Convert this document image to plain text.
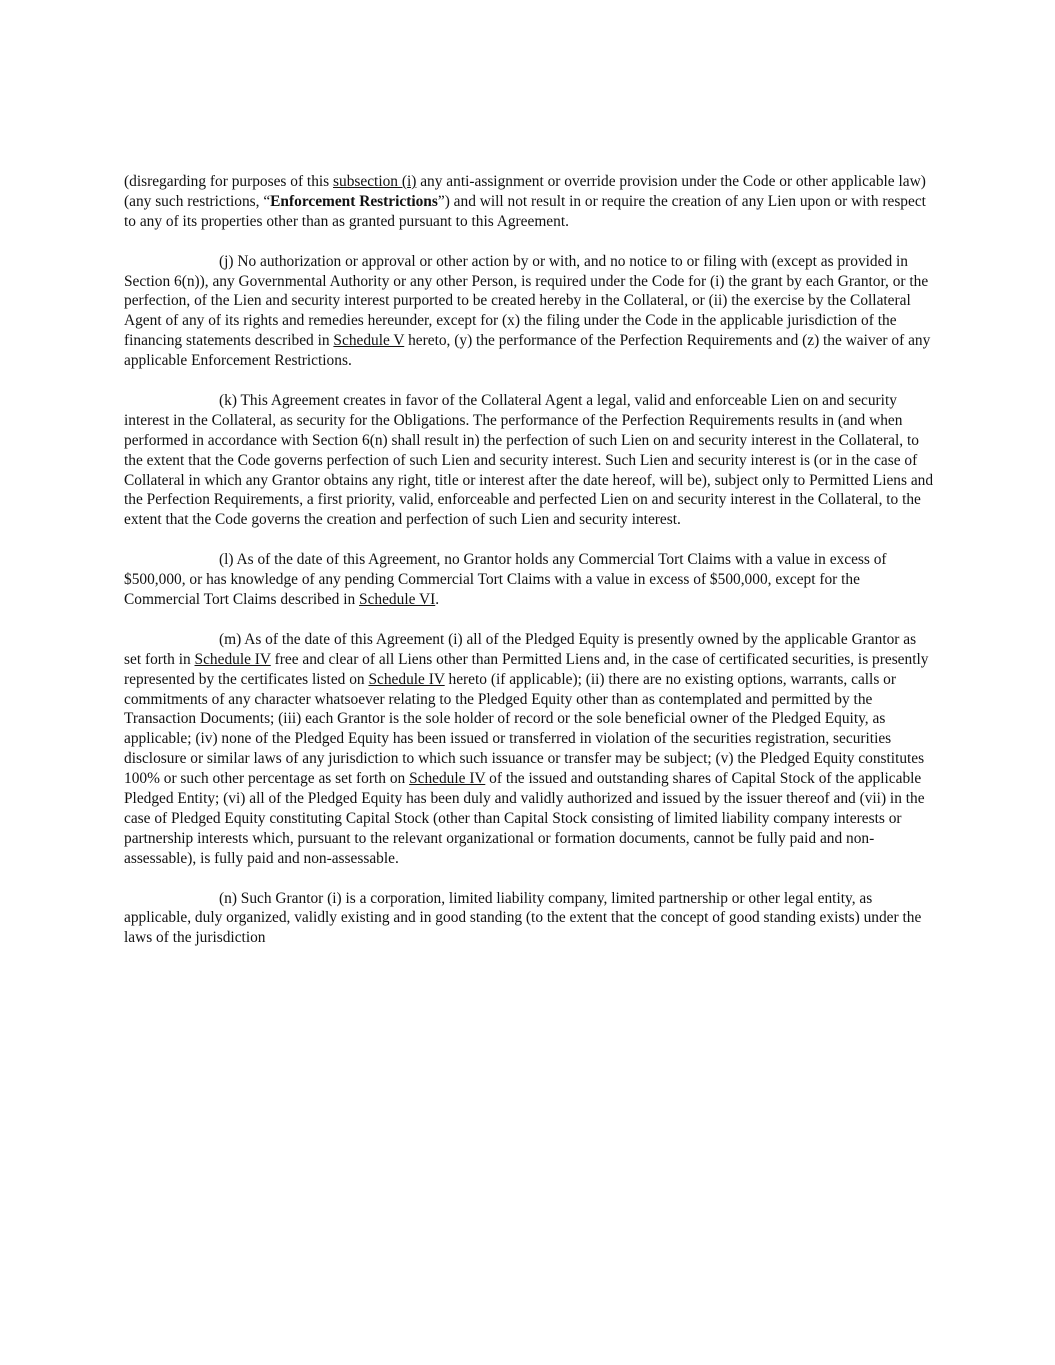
(disregarding for purposes of this subsection (i) any anti-assignment or override provision under the Code or other applicable law) (any such restrictions, “Enforcement Restrictions”) and will not result in or require the creation of any Lien upon or with respect to any of its properties other than as granted pursuant to this Agreement.

(j) No authorization or approval or other action by or with, and no notice to or filing with (except as provided in Section 6(n)), any Governmental Authority or any other Person, is required under the Code for (i) the grant by each Grantor, or the perfection, of the Lien and security interest purported to be created hereby in the Collateral, or (ii) the exercise by the Collateral Agent of any of its rights and remedies hereunder, except for (x) the filing under the Code in the applicable jurisdiction of the financing statements described in Schedule V hereto, (y) the performance of the Perfection Requirements and (z) the waiver of any applicable Enforcement Restrictions.

(k) This Agreement creates in favor of the Collateral Agent a legal, valid and enforceable Lien on and security interest in the Collateral, as security for the Obligations. The performance of the Perfection Requirements results in (and when performed in accordance with Section 6(n) shall result in) the perfection of such Lien on and security interest in the Collateral, to the extent that the Code governs perfection of such Lien and security interest. Such Lien and security interest is (or in the case of Collateral in which any Grantor obtains any right, title or interest after the date hereof, will be), subject only to Permitted Liens and the Perfection Requirements, a first priority, valid, enforceable and perfected Lien on and security interest in the Collateral, to the extent that the Code governs the creation and perfection of such Lien and security interest.

(l) As of the date of this Agreement, no Grantor holds any Commercial Tort Claims with a value in excess of $500,000, or has knowledge of any pending Commercial Tort Claims with a value in excess of $500,000, except for the Commercial Tort Claims described in Schedule VI.

(m) As of the date of this Agreement (i) all of the Pledged Equity is presently owned by the applicable Grantor as set forth in Schedule IV free and clear of all Liens other than Permitted Liens and, in the case of certificated securities, is presently represented by the certificates listed on Schedule IV hereto (if applicable); (ii) there are no existing options, warrants, calls or commitments of any character whatsoever relating to the Pledged Equity other than as contemplated and permitted by the Transaction Documents; (iii) each Grantor is the sole holder of record or the sole beneficial owner of the Pledged Equity, as applicable; (iv) none of the Pledged Equity has been issued or transferred in violation of the securities registration, securities disclosure or similar laws of any jurisdiction to which such issuance or transfer may be subject; (v) the Pledged Equity constitutes 100% or such other percentage as set forth on Schedule IV of the issued and outstanding shares of Capital Stock of the applicable Pledged Entity; (vi) all of the Pledged Equity has been duly and validly authorized and issued by the issuer thereof and (vii) in the case of Pledged Equity constituting Capital Stock (other than Capital Stock consisting of limited liability company interests or partnership interests which, pursuant to the relevant organizational or formation documents, cannot be fully paid and non-assessable), is fully paid and non-assessable.

(n) Such Grantor (i) is a corporation, limited liability company, limited partnership or other legal entity, as applicable, duly organized, validly existing and in good standing (to the extent that the concept of good standing exists) under the laws of the jurisdiction
